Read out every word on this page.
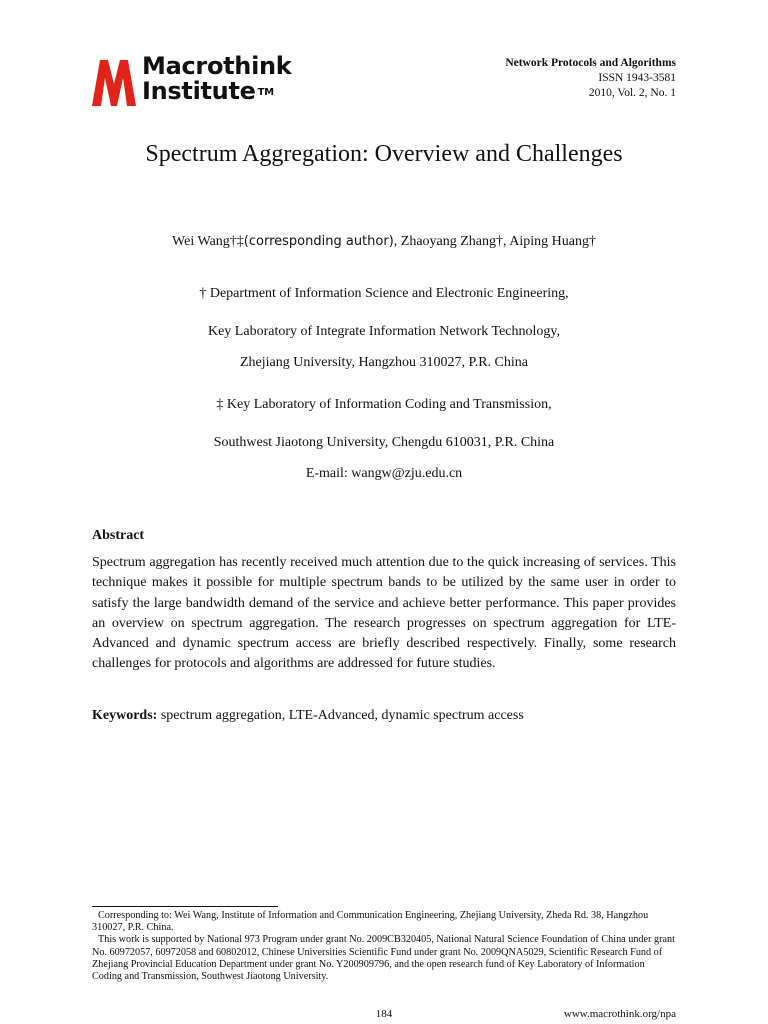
Macrothink
Institute ™
Network Protocols and Algorithms
ISSN 1943-3581
2010, Vol. 2, No. 1
Spectrum Aggregation: Overview and Challenges
Wei Wang†‡(corresponding author), Zhaoyang Zhang†, Aiping Huang†
† Department of Information Science and Electronic Engineering,
Key Laboratory of Integrate Information Network Technology,
Zhejiang University, Hangzhou 310027, P.R. China
‡ Key Laboratory of Information Coding and Transmission,
Southwest Jiaotong University, Chengdu 610031, P.R. China
E-mail: wangw@zju.edu.cn
Abstract

Spectrum aggregation has recently received much attention due to the quick increasing of services. This technique makes it possible for multiple spectrum bands to be utilized by the same user in order to satisfy the large bandwidth demand of the service and achieve better performance. This paper provides an overview on spectrum aggregation. The research progresses on spectrum aggregation for LTE-Advanced and dynamic spectrum access are briefly described respectively. Finally, some research challenges for protocols and algorithms are addressed for future studies.

Keywords: spectrum aggregation, LTE-Advanced, dynamic spectrum access

Corresponding to: Wei Wang, Institute of Information and Communication Engineering, Zhejiang University, Zheda Rd. 38, Hangzhou 310027, P.R. China.

This work is supported by National 973 Program under grant No. 2009CB320405, National Natural Science Foundation of China under grant No. 60972057, 60972058 and 60802012, Chinese Universities Scientific Fund under grant No. 2009QNA5029, Scientific Research Fund of Zhejiang Provincial Education Department under grant No. Y200909796, and the open research fund of Key Laboratory of Information Coding and Transmission, Southwest Jiaotong University.

184	www.macrothink.org/npa
